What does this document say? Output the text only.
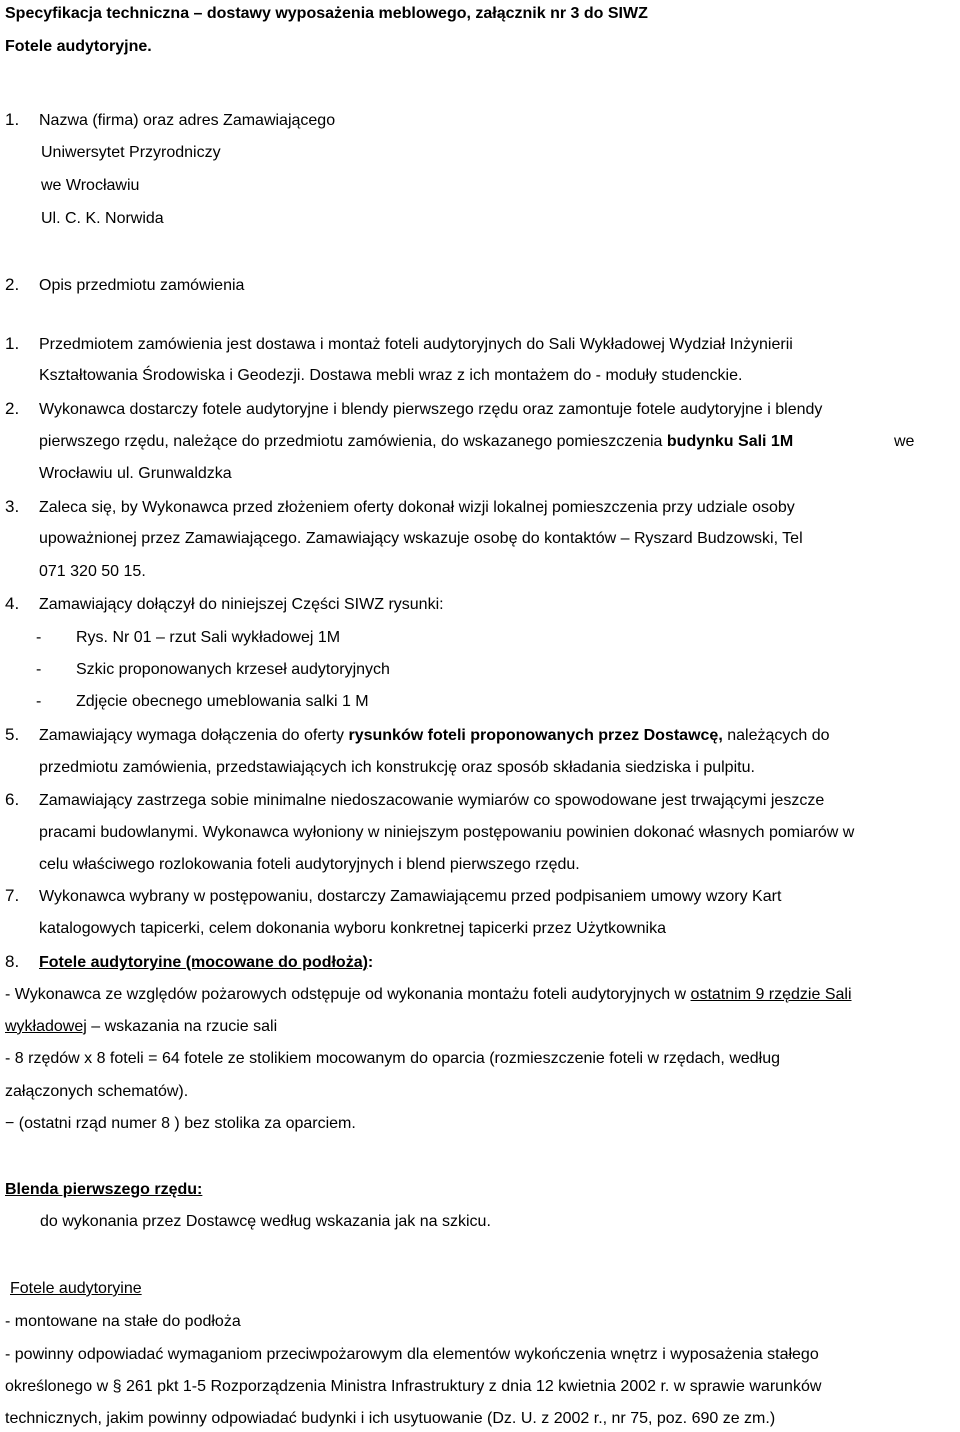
Specyfikacja techniczna – dostawy wyposażenia meblowego, załącznik nr 3 do SIWZ
Fotele audytoryjne.
1. Nazwa (firma) oraz adres Zamawiającego
Uniwersytet Przyrodniczy
we Wrocławiu
Ul. C. K. Norwida
2. Opis przedmiotu zamówienia
1. Przedmiotem zamówienia jest dostawa i montaż foteli audytoryjnych do Sali Wykładowej Wydział Inżynierii
Kształtowania Środowiska i Geodezji. Dostawa mebli wraz z ich montażem do - moduły studenckie.
2. Wykonawca dostarczy fotele audytoryjne i blendy pierwszego rzędu oraz zamontuje fotele audytoryjne i blendy
pierwszego rzędu, należące do przedmiotu zamówienia, do wskazanego pomieszczenia budynku Sali 1M	we
Wrocławiu ul. Grunwaldzka
3. Zaleca się, by Wykonawca przed złożeniem oferty dokonał wizji lokalnej pomieszczenia przy udziale osoby
upoważnionej przez Zamawiającego. Zamawiający wskazuje osobę do kontaktów – Ryszard Budzowski, Tel
071 320 50 15.
4. Zamawiający dołączył do niniejszej Części SIWZ rysunki:
- Rys. Nr 01 – rzut Sali wykładowej 1M
- Szkic proponowanych krzeseł audytoryjnych
- Zdjęcie obecnego umeblowania salki 1 M
5. Zamawiający wymaga dołączenia do oferty rysunków foteli proponowanych przez Dostawcę, należących do
przedmiotu zamówienia, przedstawiających ich konstrukcję oraz sposób składania siedziska i pulpitu.
6. Zamawiający zastrzega sobie minimalne niedoszacowanie wymiarów co spowodowane jest trwającymi jeszcze
pracami budowlanymi. Wykonawca wyłoniony w niniejszym postępowaniu powinien dokonać własnych pomiarów w
celu właściwego rozlokowania foteli audytoryjnych i blend pierwszego rzędu.
7. Wykonawca wybrany w postępowaniu, dostarczy Zamawiającemu przed podpisaniem umowy wzory Kart
katalogowych tapicerki, celem dokonania wyboru konkretnej tapicerki przez Użytkownika
8. Fotele audytoryine (mocowane do podłoża):
- Wykonawca ze względów pożarowych odstępuje od wykonania montażu foteli audytoryjnych w ostatnim 9 rzędzie Sali
wykładowej – wskazania na rzucie sali
- 8 rzędów x 8 foteli = 64 fotele ze stolikiem mocowanym do oparcia (rozmieszczenie foteli w rzędach, według
załączonych schematów).
− (ostatni rząd numer 8 ) bez stolika za oparciem.
Blenda pierwszego rzędu:
do wykonania przez Dostawcę według wskazania jak na szkicu.
Fotele audytoryine
- montowane na stałe do podłoża
- powinny odpowiadać wymaganiom przeciwpożarowym dla elementów wykończenia wnętrz i wyposażenia stałego
określonego w § 261 pkt 1-5 Rozporządzenia Ministra Infrastruktury z dnia 12 kwietnia 2002 r. w sprawie warunków
technicznych, jakim powinny odpowiadać budynki i ich usytuowanie (Dz. U. z 2002 r., nr 75, poz. 690 ze zm.)
